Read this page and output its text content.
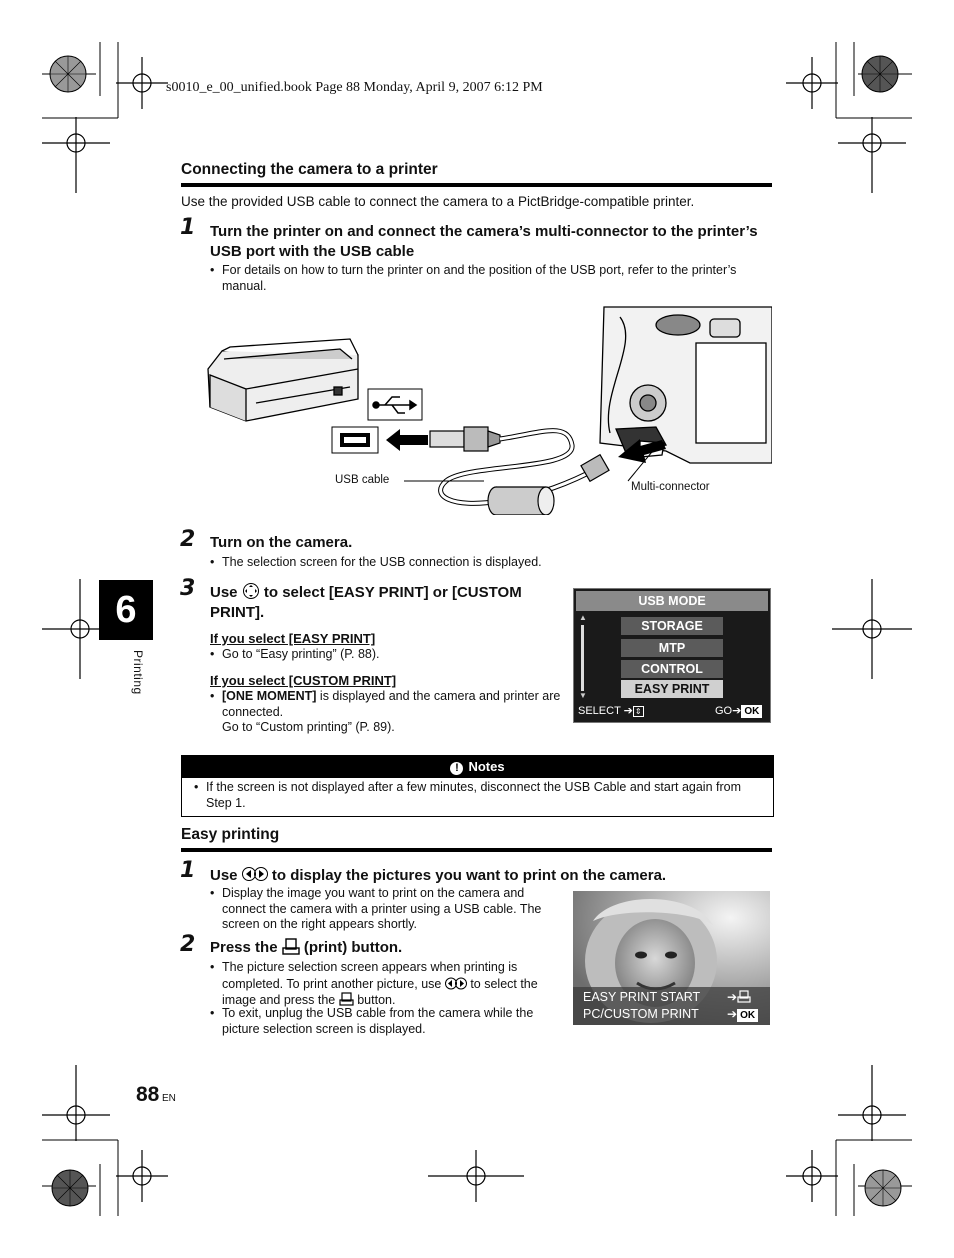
s0010_e_00_unified.book Page 88 Monday, April 9, 2007 6:12 PM
Connecting the camera to a printer
Use the provided USB cable to connect the camera to a PictBridge-compatible printer.
1 Turn the printer on and connect the camera’s multi-connector to the printer’s USB port with the USB cable
• For details on how to turn the printer on and the position of the USB port, refer to the printer’s manual.
USB cable
Multi-connector
2 Turn on the camera.
• The selection screen for the USB connection is displayed.
3 Use to select [EASY PRINT] or [CUSTOM PRINT].
If you select [EASY PRINT]
• Go to “Easy printing” (P. 88).
If you select [CUSTOM PRINT]
• [ONE MOMENT] is displayed and the camera and printer are connected.
Go to “Custom printing” (P. 89).
USB MODE
▲
▼
STORAGE
MTP
CONTROL
EASY PRINT
SELECT ➔ ⇕	GO➔ OK
6
Printing
! Notes
• If the screen is not displayed after a few minutes, disconnect the USB Cable and start again from Step 1.
Easy printing
1 Use to display the pictures you want to print on the camera.
• Display the image you want to print on the camera and connect the camera with a printer using a USB cable. The screen on the right appears shortly.
2 Press the (print) button.
• The picture selection screen appears when printing is completed. To print another picture, use to select the image and press the button.
• To exit, unplug the USB cable from the camera while the picture selection screen is displayed.
EASY PRINT START ➔
PC/CUSTOM PRINT ➔ OK
88 EN
